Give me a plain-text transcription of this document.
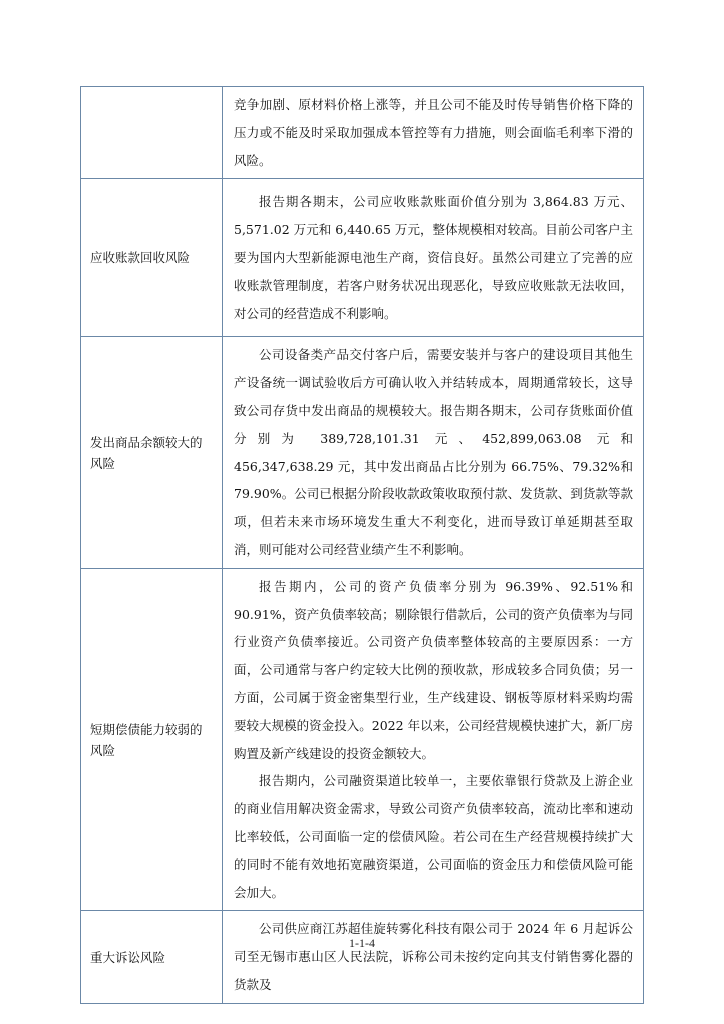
	竞争加剧、原材料价格上涨等，并且公司不能及时传导销售价格下降的压力或不能及时采取加强成本管控等有力措施，则会面临毛利率下滑的风险。

应收账款回收风险	报告期各期末，公司应收账款账面价值分别为 3,864.83 万元、5,571.02 万元和 6,440.65 万元，整体规模相对较高。目前公司客户主要为国内大型新能源电池生产商，资信良好。虽然公司建立了完善的应收账款管理制度，若客户财务状况出现恶化，导致应收账款无法收回，对公司的经营造成不利影响。

发出商品余额较大的风险	公司设备类产品交付客户后，需要安装并与客户的建设项目其他生产设备统一调试验收后方可确认收入并结转成本，周期通常较长，这导致公司存货中发出商品的规模较大。报告期各期末，公司存货账面价值分别为 389,728,101.31 元、452,899,063.08 元和 456,347,638.29 元，其中发出商品占比分别为 66.75%、79.32%和 79.90%。公司已根据分阶段收款政策收取预付款、发货款、到货款等款项，但若未来市场环境发生重大不利变化，进而导致订单延期甚至取消，则可能对公司经营业绩产生不利影响。

短期偿债能力较弱的风险	报告期内，公司的资产负债率分别为 96.39%、92.51%和 90.91%，资产负债率较高；剔除银行借款后，公司的资产负债率为与同行业资产负债率接近。公司资产负债率整体较高的主要原因系：一方面，公司通常与客户约定较大比例的预收款，形成较多合同负债；另一方面，公司属于资金密集型行业，生产线建设、钢板等原材料采购均需要较大规模的资金投入。2022 年以来，公司经营规模快速扩大，新厂房购置及新产线建设的投资金额较大。

报告期内，公司融资渠道比较单一，主要依靠银行贷款及上游企业的商业信用解决资金需求，导致公司资产负债率较高，流动比率和速动比率较低，公司面临一定的偿债风险。若公司在生产经营规模持续扩大的同时不能有效地拓宽融资渠道，公司面临的资金压力和偿债风险可能会加大。

重大诉讼风险	公司供应商江苏超佳旋转雾化科技有限公司于 2024 年 6 月起诉公司至无锡市惠山区人民法院，诉称公司未按约定向其支付销售雾化器的货款及

1-1-4
